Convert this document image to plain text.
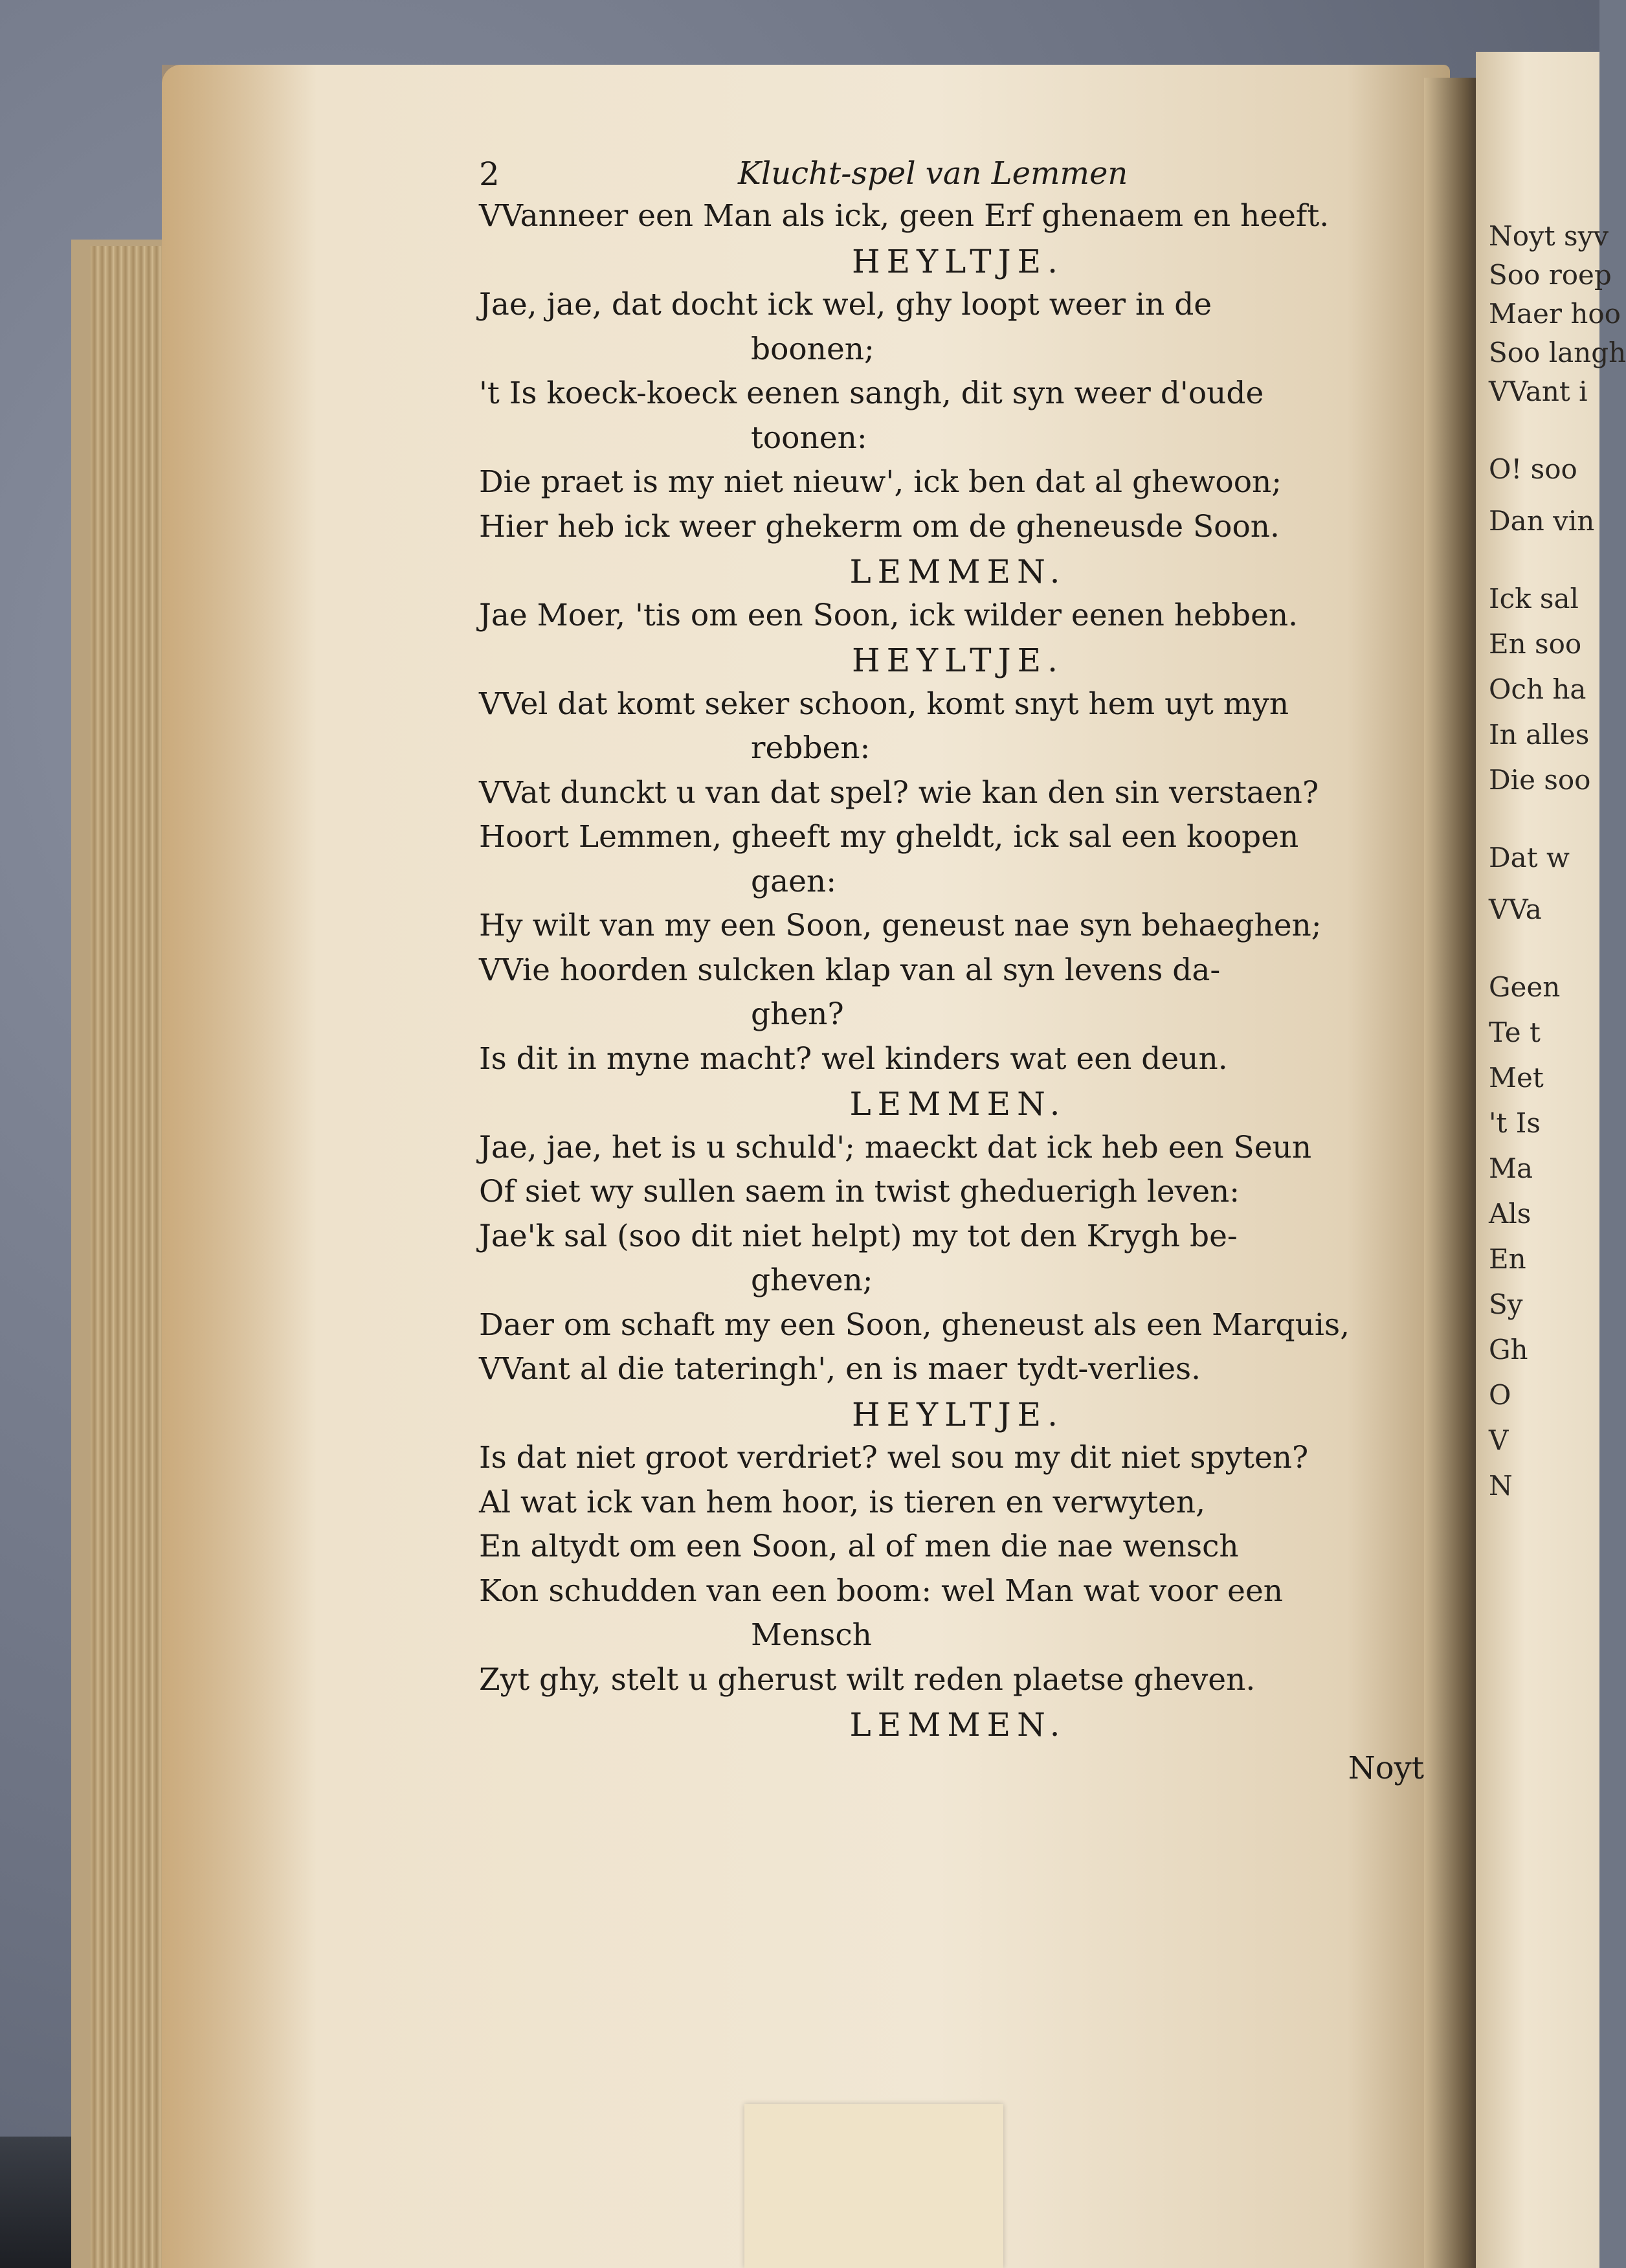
Noyt syv
Soo roep
Maer hoo
Soo langh
VVant i
O! soo
Dan vin
Ick sal
En soo
Och ha
In alles
Die soo
Dat w
VVa
Geen
Te t
Met
't Is
Ma
Als
En
Sy
Gh
O
V
N
2	Klucht-spel van Lemmen
VVanneer een Man als ick, geen Erf ghenaem en heeft.
HEYLTJE.
Jae, jae, dat docht ick wel, ghy loopt weer in de
boonen;
't Is koeck-koeck eenen sangh, dit syn weer d'oude
toonen:
Die praet is my niet nieuw', ick ben dat al ghewoon;
Hier heb ick weer ghekerm om de gheneusde Soon.
LEMMEN.
Jae Moer, 'tis om een Soon, ick wilder eenen hebben.
HEYLTJE.
VVel dat komt seker schoon, komt snyt hem uyt myn
rebben:
VVat dunckt u van dat spel? wie kan den sin verstaen?
Hoort Lemmen, gheeft my gheldt, ick sal een koopen
gaen:
Hy wilt van my een Soon, geneust nae syn behaeghen;
VVie hoorden sulcken klap van al syn levens da-
ghen?
Is dit in myne macht? wel kinders wat een deun.
LEMMEN.
Jae, jae, het is u schuld'; maeckt dat ick heb een Seun
Of siet wy sullen saem in twist gheduerigh leven:
Jae'k sal (soo dit niet helpt) my tot den Krygh be-
gheven;
Daer om schaft my een Soon, gheneust als een Marquis,
VVant al die tateringh', en is maer tydt-verlies.
HEYLTJE.
Is dat niet groot verdriet? wel sou my dit niet spyten?
Al wat ick van hem hoor, is tieren en verwyten,
En altydt om een Soon, al of men die nae wensch
Kon schudden van een boom: wel Man wat voor een
Mensch
Zyt ghy, stelt u gherust wilt reden plaetse gheven.
LEMMEN.
Noyt
